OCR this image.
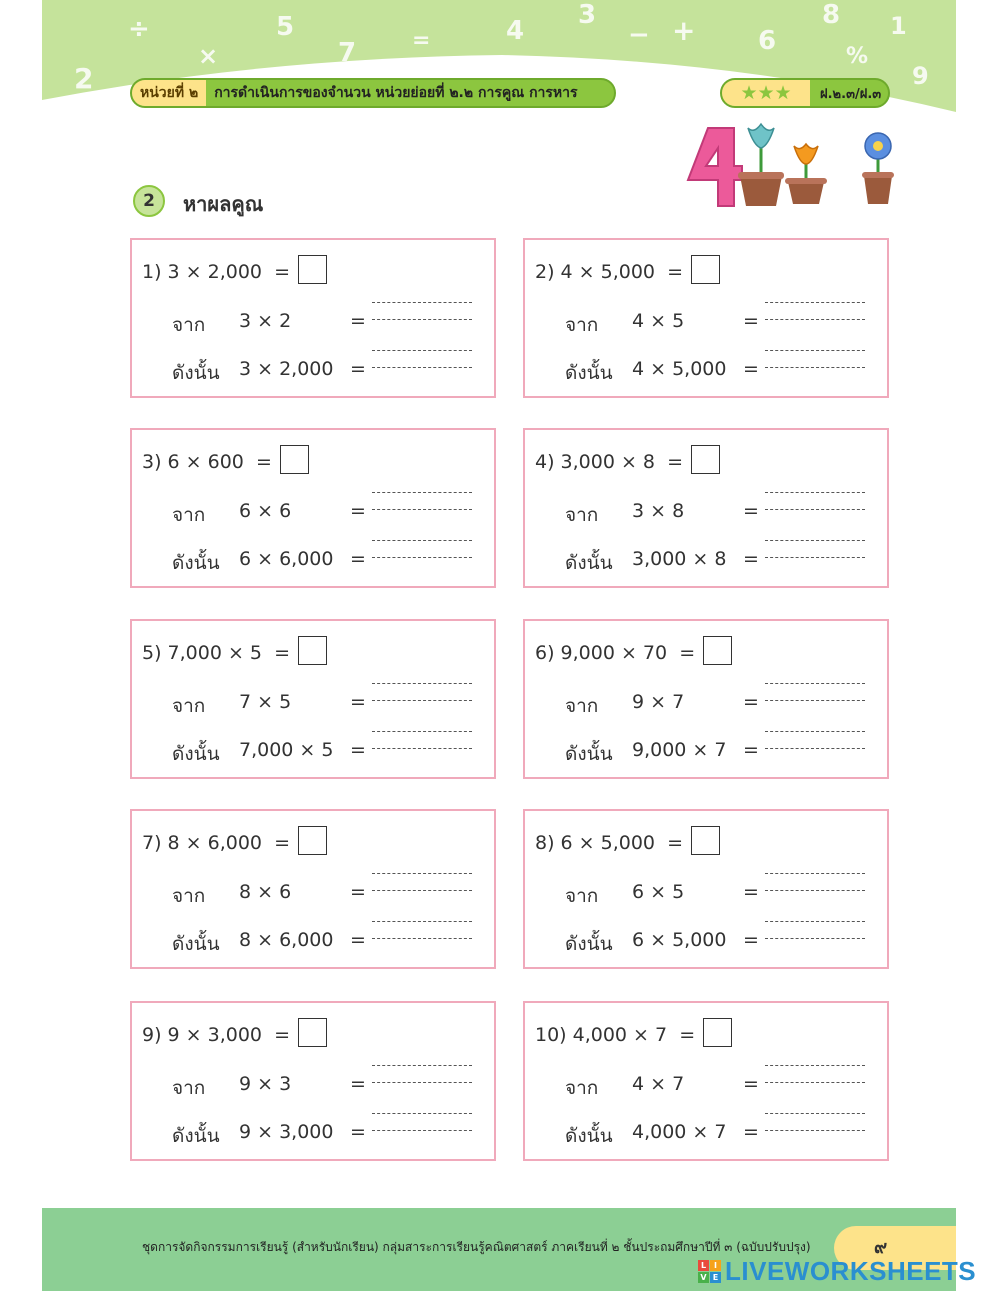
÷	5
×	7	=	4
3
− + 6
8
%
1
2	9
หน่วยที่ ๒	การดำเนินการของจำนวน หน่วยย่อยที่ ๒.๒ การคูณ การหาร	★★★	ฝ.๒.๓/ฝ.๓
2	หาผลคูณ
1) 3 × 2,000 =
จาก 3 × 2	=
ดังนั้น 3 × 2,000 =
2) 4 × 5,000 =
จาก 4 × 5	=
ดังนั้น 4 × 5,000 =
3) 6 × 600 =
จาก 6 × 6	=
ดังนั้น 6 × 6,000 =
4) 3,000 × 8 =
จาก 3 × 8	=
ดังนั้น 3,000 × 8 =
5) 7,000 × 5 =
จาก 7 × 5	=
ดังนั้น 7,000 × 5 =
6) 9,000 × 70 =
จาก 9 × 7	=
ดังนั้น 9,000 × 7 =
7) 8 × 6,000 =
จาก 8 × 6	=
ดังนั้น 8 × 6,000 =
8) 6 × 5,000 =
จาก 6 × 5	=
ดังนั้น 6 × 5,000 =
9) 9 × 3,000 =
จาก 9 × 3	=
ดังนั้น 9 × 3,000 =
10) 4,000 × 7 =
จาก 4 × 7	=
ดังนั้น 4,000 × 7 =
ชุดการจัดกิจกรรมการเรียนรู้ (สำหรับนักเรียน) กลุ่มสาระการเรียนรู้คณิตศาสตร์ ภาคเรียนที่ ๒ ชั้นประถมศึกษาปีที่ ๓ (ฉบับปรับปรุง)	๙
L I
V E LIVEWORKSHEETS
